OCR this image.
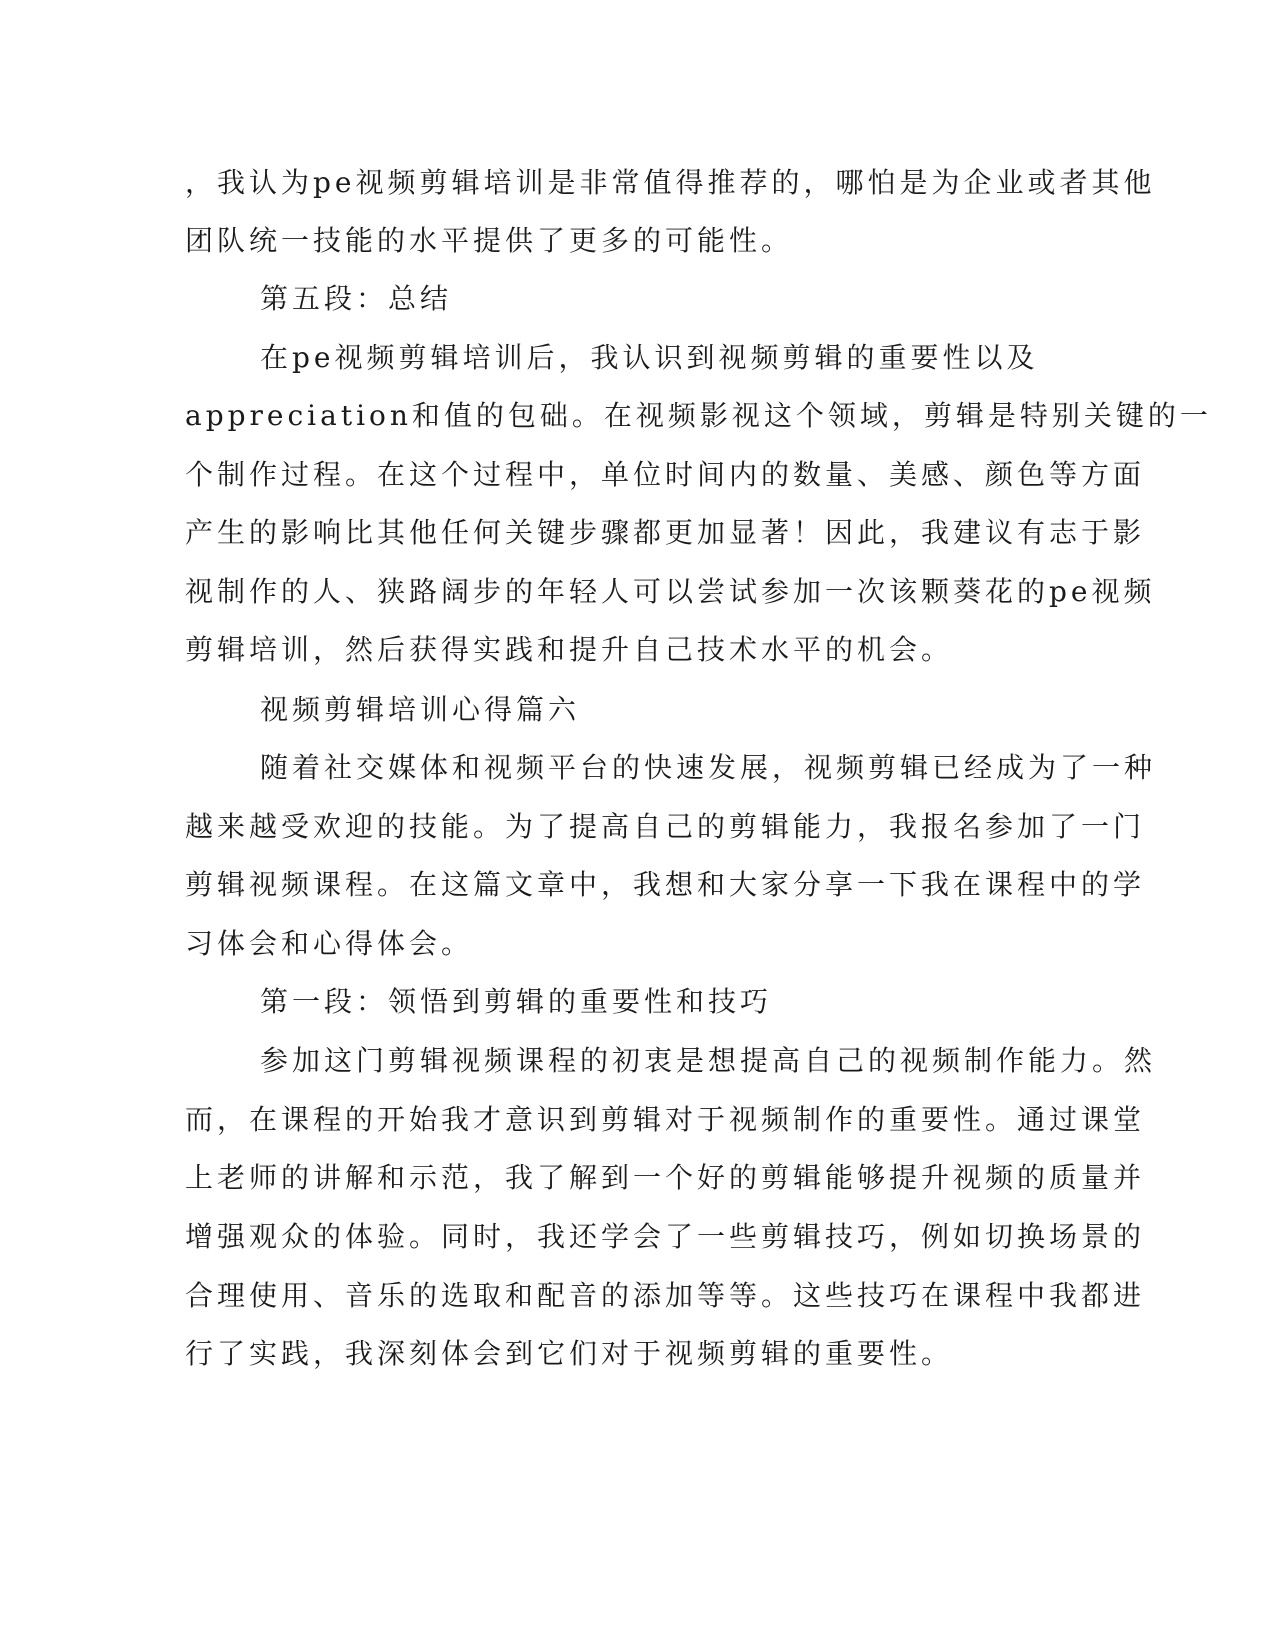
，我认为pe视频剪辑培训是非常值得推荐的，哪怕是为企业或者其他
团队统一技能的水平提供了更多的可能性。
第五段：总结
在pe视频剪辑培训后，我认识到视频剪辑的重要性以及
appreciation和值的包础。在视频影视这个领域，剪辑是特别关键的一
个制作过程。在这个过程中，单位时间内的数量、美感、颜色等方面
产生的影响比其他任何关键步骤都更加显著！因此，我建议有志于影
视制作的人、狭路阔步的年轻人可以尝试参加一次该颗葵花的pe视频
剪辑培训，然后获得实践和提升自己技术水平的机会。
视频剪辑培训心得篇六
随着社交媒体和视频平台的快速发展，视频剪辑已经成为了一种
越来越受欢迎的技能。为了提高自己的剪辑能力，我报名参加了一门
剪辑视频课程。在这篇文章中，我想和大家分享一下我在课程中的学
习体会和心得体会。
第一段：领悟到剪辑的重要性和技巧
参加这门剪辑视频课程的初衷是想提高自己的视频制作能力。然
而，在课程的开始我才意识到剪辑对于视频制作的重要性。通过课堂
上老师的讲解和示范，我了解到一个好的剪辑能够提升视频的质量并
增强观众的体验。同时，我还学会了一些剪辑技巧，例如切换场景的
合理使用、音乐的选取和配音的添加等等。这些技巧在课程中我都进
行了实践，我深刻体会到它们对于视频剪辑的重要性。
